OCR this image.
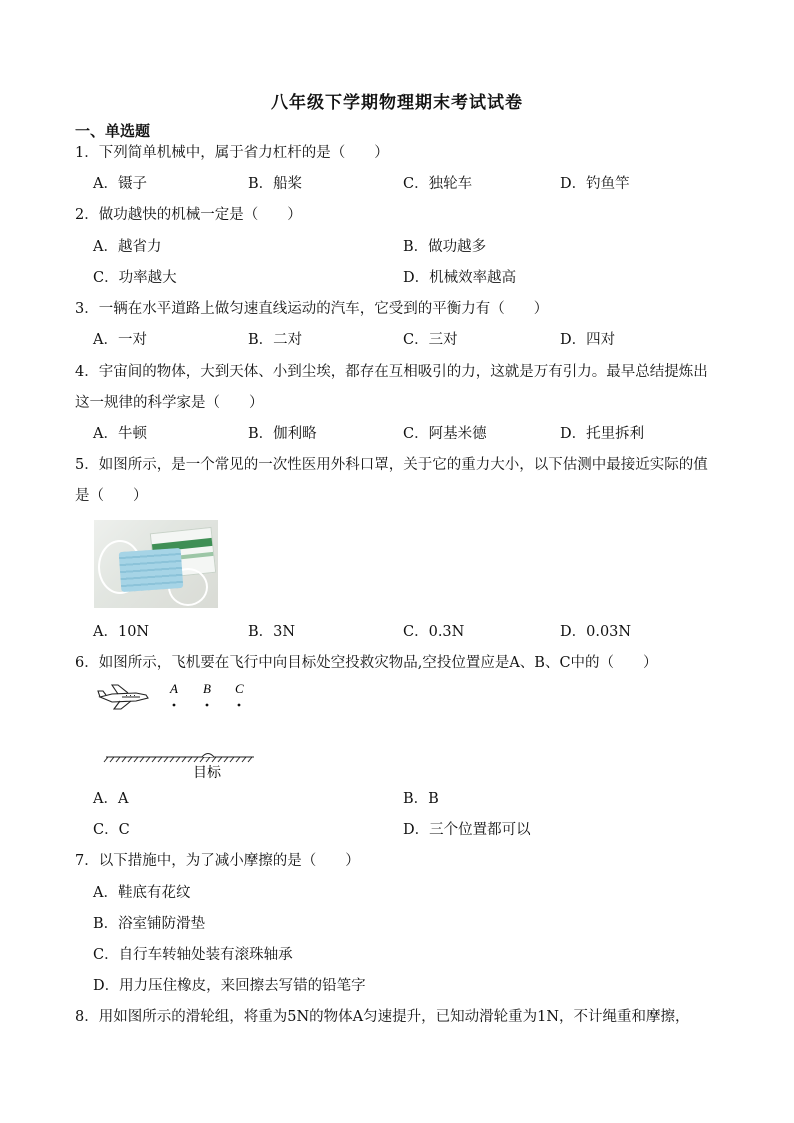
八年级下学期物理期末考试试卷
一、单选题
1．下列简单机械中，属于省力杠杆的是（　　）
A．镊子	B．船桨	C．独轮车	D．钓鱼竿
2．做功越快的机械一定是（　　）
A．越省力	B．做功越多
C．功率越大	D．机械效率越高
3．一辆在水平道路上做匀速直线运动的汽车，它受到的平衡力有（　　）
A．一对	B．二对	C．三对	D．四对
4．宇宙间的物体，大到天体、小到尘埃，都存在互相吸引的力，这就是万有引力。最早总结提炼出
这一规律的科学家是（　　）
A．牛顿	B．伽利略	C．阿基米德	D．托里拆利
5．如图所示，是一个常见的一次性医用外科口罩，关于它的重力大小，以下估测中最接近实际的值
是（　　）
A．10N	B．3N	C．0.3N	D．0.03N
6．如图所示，飞机要在飞行中向目标处空投救灾物品,空投位置应是A、B、C中的（　　）
A B C
目标
A．A	B．B
C．C	D．三个位置都可以
7．以下措施中，为了减小摩擦的是（　　）
A．鞋底有花纹
B．浴室铺防滑垫
C．自行车转轴处装有滚珠轴承
D．用力压住橡皮，来回擦去写错的铅笔字
8．用如图所示的滑轮组，将重为5N的物体A匀速提升，已知动滑轮重为1N，不计绳重和摩擦，
